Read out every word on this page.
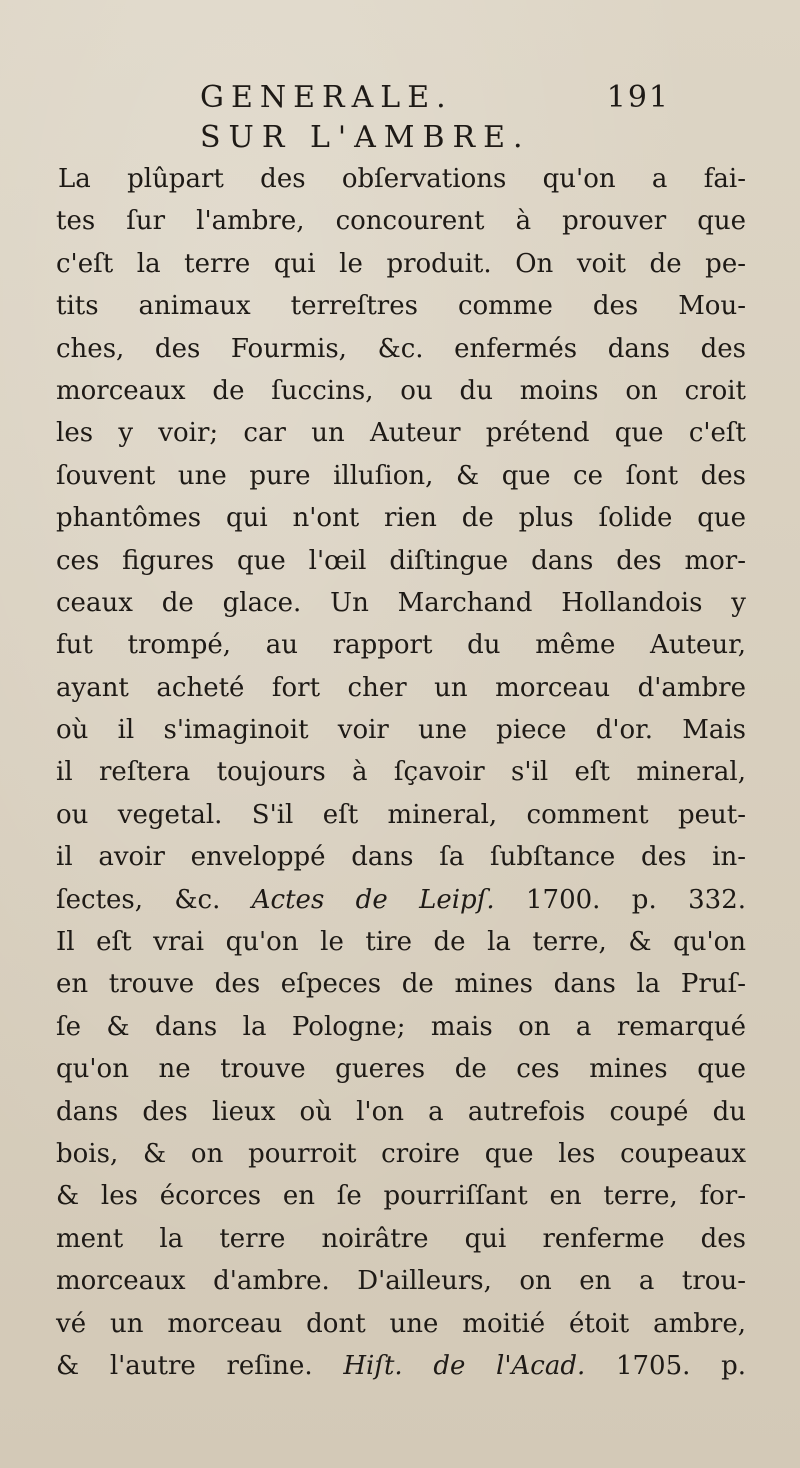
GENERALE.	191
SUR L'AMBRE.
La plûpart des obſervations qu'on a fai-
tes ſur l'ambre, concourent à prouver que
c'eſt la terre qui le produit. On voit de pe-
tits animaux terreſtres comme des Mou-
ches, des Fourmis, &c. enfermés dans des
morceaux de ſuccins, ou du moins on croit
les y voir; car un Auteur prétend que c'eſt
ſouvent une pure illuſion, & que ce ſont des
phantômes qui n'ont rien de plus ſolide que
ces figures que l'œil diſtingue dans des mor-
ceaux de glace. Un Marchand Hollandois y
fut trompé, au rapport du même Auteur,
ayant acheté fort cher un morceau d'ambre
où il s'imaginoit voir une piece d'or. Mais
il reſtera toujours à ſçavoir s'il eſt mineral,
ou vegetal. S'il eſt mineral, comment peut-
il avoir enveloppé dans ſa ſubſtance des in-
ſectes, &c. Actes de Leipſ. 1700. p. 332.
Il eſt vrai qu'on le tire de la terre, & qu'on
en trouve des eſpeces de mines dans la Pruſ-
ſe & dans la Pologne; mais on a remarqué
qu'on ne trouve gueres de ces mines que
dans des lieux où l'on a autrefois coupé du
bois, & on pourroit croire que les coupeaux
& les écorces en ſe pourriſſant en terre, for-
ment la terre noirâtre qui renferme des
morceaux d'ambre. D'ailleurs, on en a trou-
vé un morceau dont une moitié étoit ambre,
& l'autre reſine. Hiſt. de l'Acad. 1705. p.
